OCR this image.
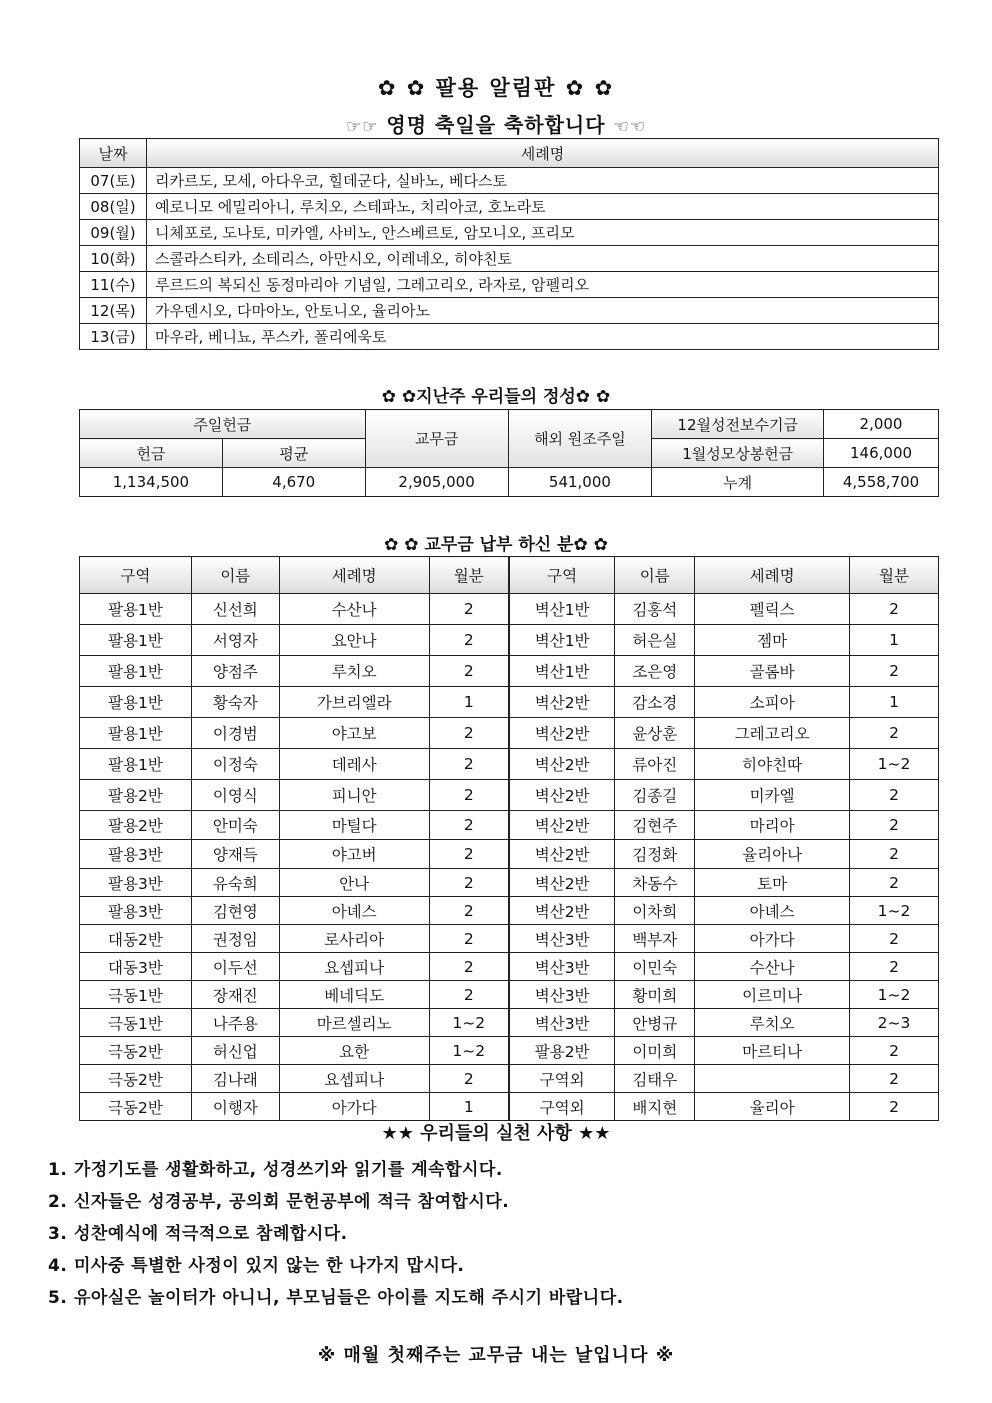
✿ ✿ 팔용 알림판 ✿ ✿
☞☞ 영명 축일을 축하합니다 ☜☜
날짜	세례명
07(토)	리카르도, 모세, 아다우코, 힐데군다, 실바노, 베다스토
08(일)	예로니모 에밀리아니, 루치오, 스테파노, 치리아코, 호노라토
09(월)	니체포로, 도나토, 미카엘, 사비노, 안스베르토, 암모니오, 프리모
10(화)	스콜라스티카, 소테리스, 아만시오, 이레네오, 히야친토
11(수)	루르드의 복되신 동정마리아 기념일, 그레고리오, 라자로, 암펠리오
12(목)	가우덴시오, 다마아노, 안토니오, 율리아노
13(금)	마우라, 베니뇨, 푸스카, 폴리에욱토
✿ ✿지난주 우리들의 정성✿ ✿
주일헌금		교무금	해외 원조주일	12월성전보수기금	2,000
헌금	평균			1월성모상봉헌금	146,000
1,134,500	4,670	2,905,000	541,000	누계	4,558,700
✿ ✿ 교무금 납부 하신 분✿ ✿
구역	이름	세례명	월분	구역	이름	세례명	월분
팔용1반	신선희	수산나	2	벽산1반	김홍석	펠릭스	2
팔용1반	서영자	요안나	2	벽산1반	허은실	젬마	1
팔용1반	양점주	루치오	2	벽산1반	조은영	골롬바	2
팔용1반	황숙자	가브리엘라	1	벽산2반	감소경	소피아	1
팔용1반	이경범	야고보	2	벽산2반	윤상훈	그레고리오	2
팔용1반	이정숙	데레사	2	벽산2반	류아진	히야친따	1~2
팔용2반	이영식	피니안	2	벽산2반	김종길	미카엘	2
팔용2반	안미숙	마틸다	2	벽산2반	김현주	마리아	2
팔용3반	양재득	야고버	2	벽산2반	김정화	율리아나	2
팔용3반	유숙희	안나	2	벽산2반	차동수	토마	2
팔용3반	김현영	아녜스	2	벽산2반	이차희	아녜스	1~2
대동2반	권정임	로사리아	2	벽산3반	백부자	아가다	2
대동3반	이두선	요셉피나	2	벽산3반	이민숙	수산나	2
극동1반	장재진	베네딕도	2	벽산3반	황미희	이르미나	1~2
극동1반	나주용	마르셀리노	1~2	벽산3반	안병규	루치오	2~3
극동2반	허신업	요한	1~2	팔용2반	이미희	마르티나	2
극동2반	김나래	요셉피나	2	구역외	김태우		2
극동2반	이행자	아가다	1	구역외	배지현	율리아	2
★★ 우리들의 실천 사항 ★★
1. 가정기도를 생활화하고, 성경쓰기와 읽기를 계속합시다.
2. 신자들은 성경공부, 공의회 문헌공부에 적극 참여합시다.
3. 성찬예식에 적극적으로 참례합시다.
4. 미사중 특별한 사정이 있지 않는 한 나가지 맙시다.
5. 유아실은 놀이터가 아니니, 부모님들은 아이를 지도해 주시기 바랍니다.
※ 매월 첫째주는 교무금 내는 날입니다 ※
